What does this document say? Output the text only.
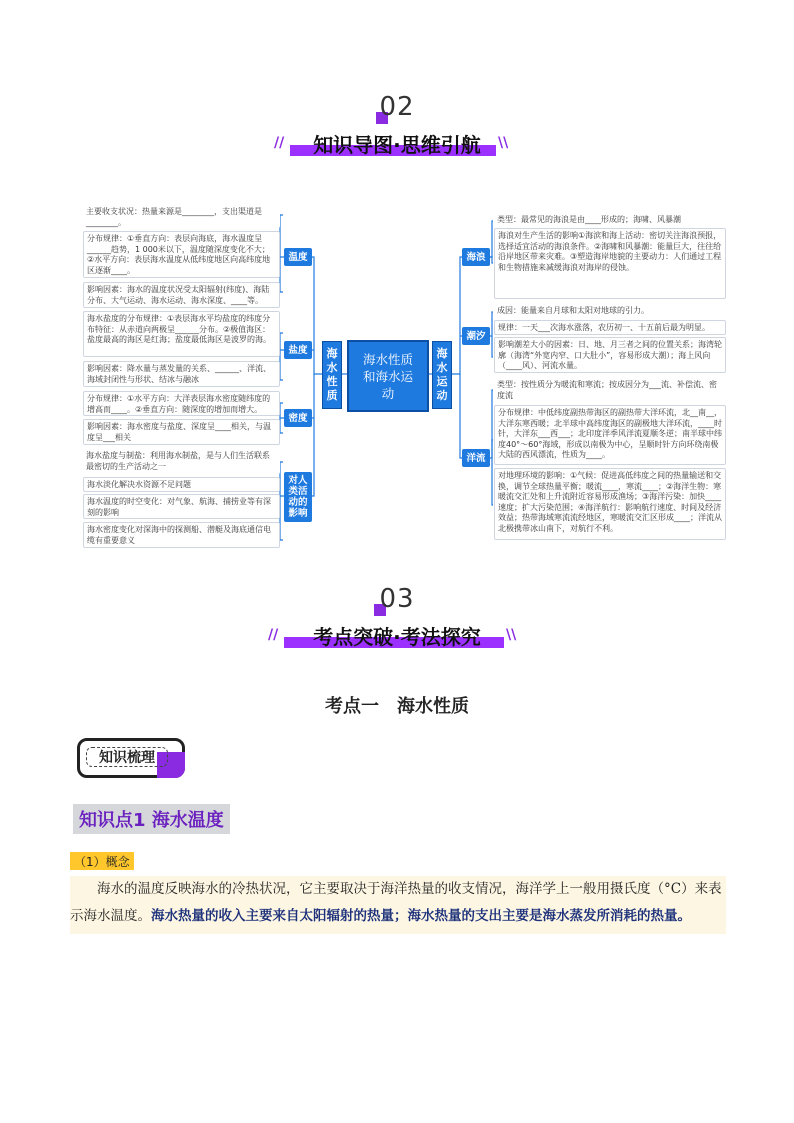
02
知识导图·思维引航
//	\\
海水性质和海水运动
海水性质
海水运动
温度
盐度
密度
对人类活动的影响
海浪
潮汐
洋流
主要收支状况：热量来源是________，支出渠道是________。
分布规律：①垂直方向：表层向海底，海水温度呈______趋势，1 000米以下，温度随深度变化不大；②水平方向：表层海水温度从低纬度地区向高纬度地区逐渐____。
影响因素：海水的温度状况受太阳辐射(纬度)、海陆分布、大气运动、海水运动、海水深度、____等。
海水盐度的分布规律：①表层海水平均盐度的纬度分布特征：从赤道向两极呈______分布。②极值海区：盐度最高的海区是红海；盐度最低海区是波罗的海。
影响因素：降水量与蒸发量的关系、______、洋流、海域封闭性与形状、结冰与融冰
分布规律：①水平方向：大洋表层海水密度随纬度的增高而____。②垂直方向：随深度的增加而增大。
影响因素：海水密度与盐度、深度呈____相关，与温度呈___相关
海水盐度与制盐：利用海水制盐，是与人们生活联系最密切的生产活动之一
海水淡化解决水资源不足问题
海水温度的时空变化：对气象、航海、捕捞业等有深刻的影响
海水密度变化对深海中的探测船、潜艇及海底通信电缆有重要意义
类型：最常见的海浪是由____形成的；海啸、风暴潮
海浪对生产生活的影响①海滨和海上活动：密切关注海浪预报，选择适宜活动的海浪条件。②海啸和风暴潮：能量巨大，往往给沿岸地区带来灾难。③塑造海岸地貌的主要动力：人们通过工程和生物措施来减缓海浪对海岸的侵蚀。
成因：能量来自月球和太阳对地球的引力。
规律：一天___次海水涨落，农历初一、十五前后最为明显。
影响潮差大小的因素：日、地、月三者之间的位置关系；海湾轮廓（海湾“外宽内窄、口大肚小”，容易形成大潮）；海上风向（____风）、河流水量。
类型：按性质分为暖流和寒流；按成因分为___流、补偿流、密度流
分布规律：中低纬度副热带海区的副热带大洋环流，北__南__，大洋东寒西暖；北半球中高纬度海区的副极地大洋环流，____时针，大洋东___西___；北印度洋季风洋流夏顺冬逆；南半球中纬度40°～60°海域，形成以南极为中心，呈顺时针方向环绕南极大陆的西风漂流，性质为____。
对地理环境的影响：①气候：促进高低纬度之间的热量输送和交换，调节全球热量平衡；暖流____，寒流____；②海洋生物：寒暖流交汇处和上升流附近容易形成渔场；③海洋污染：加快____速度；扩大污染范围；④海洋航行：影响航行速度、时间及经济效益；热带海域寒流流经地区，寒暖流交汇区形成____；洋流从北极携带冰山南下，对航行不利。
03
考点突破·考法探究
//	\\
考点一　海水性质
知识梳理
知识点1 海水温度
（1）概念
海水的温度反映海水的冷热状况，它主要取决于海洋热量的收支情况，海洋学上一般用摄氏度（°C）来表示海水温度。海水热量的收入主要来自太阳辐射的热量；海水热量的支出主要是海水蒸发所消耗的热量。
